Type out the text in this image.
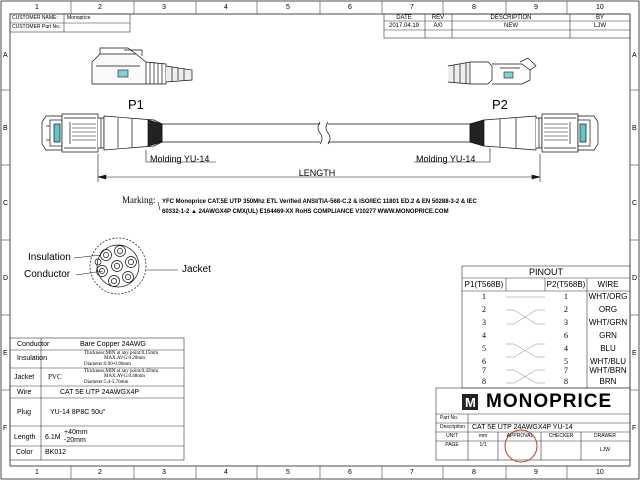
1	2	3	4	5	6	7	8	9	10
1	2	3	4	5	6	7	8	9	10
A
B
C
D
E
F
A
B
C
D
E
F
CUSTOMER NAME: Monoprice
CUSTOMER Part No.:
DATE	REV	DESCRIPTION	BY
2017.04.19 A/0	NEW	LJW
P1	P2
Molding YU-14	Molding YU-14
LENGTH
Marking: YFC Monoprice CAT.5E UTP 350Mhz ETL Verified ANSI/TIA-568-C.2 & ISO/IEC 11801 ED.2 & EN 50288-3-2 & IEC
60332-1-2 ▲ 24AWGX4P CMX(UL) E164469-XX RoHS COMPLIANCE V10277 WWW.MONOPRICE.COM
Insulation
Conductor	Jacket	PINOUT
P1(T568B)	P2(T568B) WIRE
1	1	WHT/ORG
2	2	ORG
3	3	WHT/GRN
4	6	GRN
5	4	BLU
6	5	WHT/BLU
7	7	WHT/BRN
8	8	BRN
Conductor	Bare Copper 24AWG
Insulation
Thickness:MIN at any point:0.15mm
MAX.AVG:0.20mm
Diameter:0.90-0.96mm
Jacket PVC
Thickness:MIN at any point:0.42mm
MAX.AVG:0.48mm
Diameter:5.4-5.70mm
Wire	CAT 5E UTP 24AWGX4P
Plug	YU-14 8P8C 50u"
Length 6.1M
+40mm
-20mm
Color BK012
M MONOPRICE
Part No.
Description CAT 5E UTP 24AWGX4P YU-14
UNIT	mm	APPROVAL	CHECKER	DRAWER
PAGE	1/1
LJW
